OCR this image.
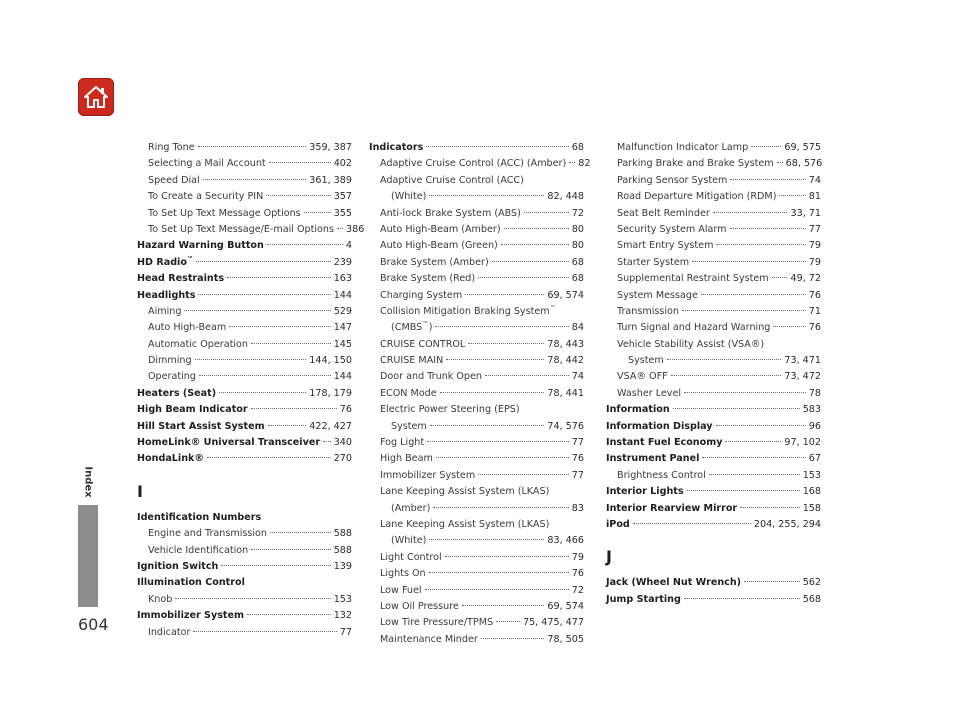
Index
604
Ring Tone	359, 387
Selecting a Mail Account	402
Speed Dial	361, 389
To Create a Security PIN	357
To Set Up Text Message Options	355
To Set Up Text Message/E-mail Options 386
Hazard Warning Button	4
HD Radio™	239
Head Restraints	163
Headlights	144
Aiming	529
Auto High-Beam	147
Automatic Operation	145
Dimming	144, 150
Operating	144
Heaters (Seat)	178, 179
High Beam Indicator	76
Hill Start Assist System	422, 427
HomeLink® Universal Transceiver 340
HondaLink®	270
I
Identification Numbers
Engine and Transmission	588
Vehicle Identification	588
Ignition Switch	139
Illumination Control
Knob	153
Immobilizer System	132
Indicator	77
Indicators	68
Adaptive Cruise Control (ACC) (Amber) 82
Adaptive Cruise Control (ACC)
(White)	82, 448
Anti-lock Brake System (ABS)	72
Auto High-Beam (Amber)	80
Auto High-Beam (Green)	80
Brake System (Amber)	68
Brake System (Red)	68
Charging System	69, 574
Collision Mitigation Braking System™
(CMBS™)	84
CRUISE CONTROL	78, 443
CRUISE MAIN	78, 442
Door and Trunk Open	74
ECON Mode	78, 441
Electric Power Steering (EPS)
System	74, 576
Fog Light	77
High Beam	76
Immobilizer System	77
Lane Keeping Assist System (LKAS)
(Amber)	83
Lane Keeping Assist System (LKAS)
(White)	83, 466
Light Control	79
Lights On	76
Low Fuel	72
Low Oil Pressure	69, 574
Low Tire Pressure/TPMS	75, 475, 477
Maintenance Minder	78, 505
Malfunction Indicator Lamp	69, 575
Parking Brake and Brake System 68, 576
Parking Sensor System	74
Road Departure Mitigation (RDM)	81
Seat Belt Reminder	33, 71
Security System Alarm	77
Smart Entry System	79
Starter System	79
Supplemental Restraint System 49, 72
System Message	76
Transmission	71
Turn Signal and Hazard Warning	76
Vehicle Stability Assist (VSA®)
System	73, 471
VSA® OFF	73, 472
Washer Level	78
Information	583
Information Display	96
Instant Fuel Economy	97, 102
Instrument Panel	67
Brightness Control	153
Interior Lights	168
Interior Rearview Mirror	158
iPod	204, 255, 294
J
Jack (Wheel Nut Wrench)	562
Jump Starting	568
